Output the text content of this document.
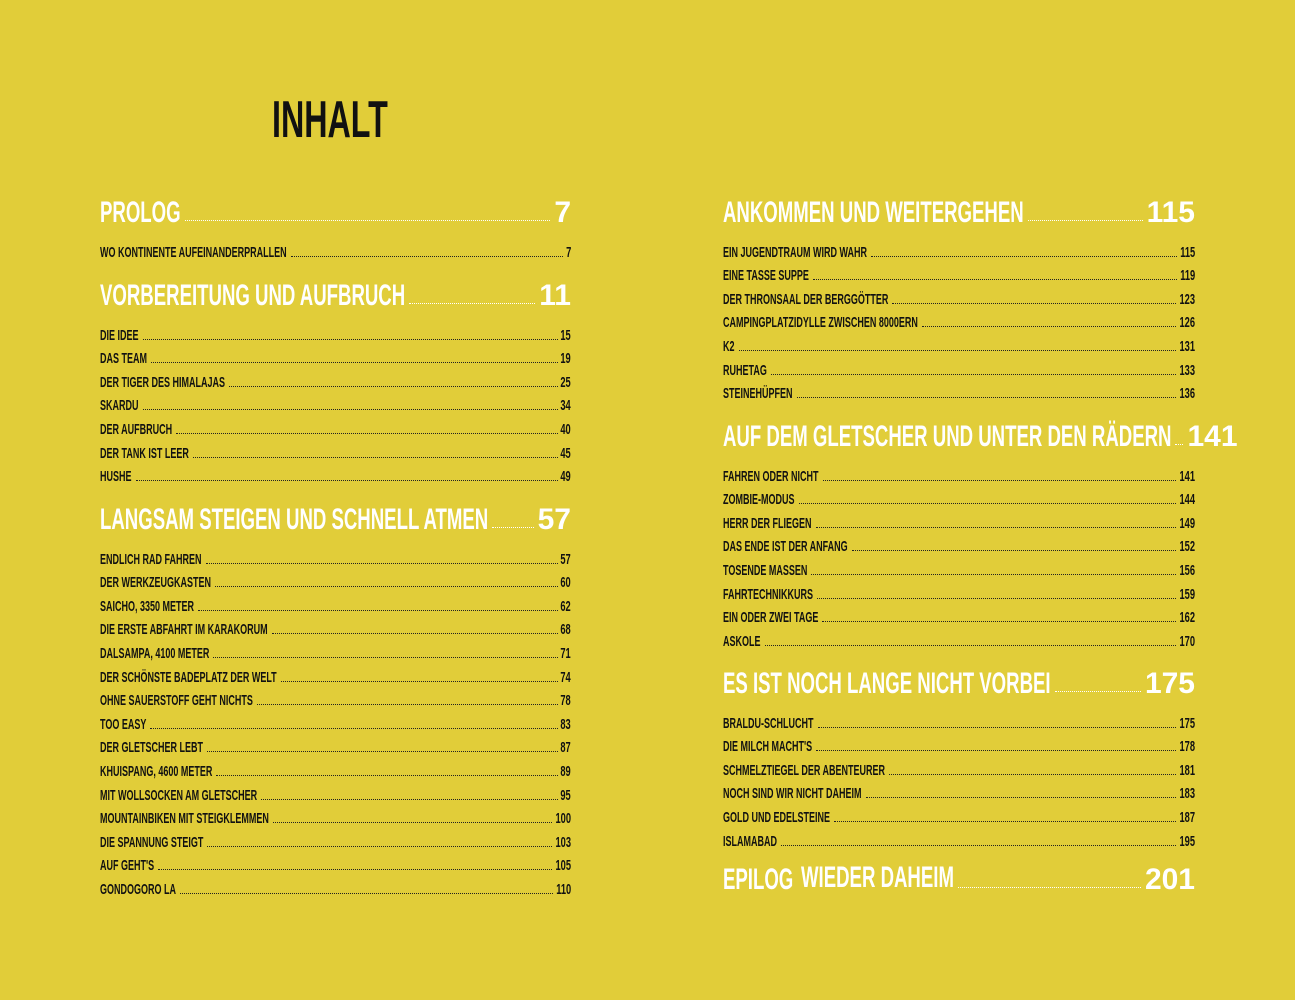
INHALT
PROLOG	7
WO KONTINENTE AUFEINANDERPRALLEN	7
VORBEREITUNG UND AUFBRUCH	11
DIE IDEE	15
DAS TEAM	19
DER TIGER DES HIMALAJAS	25
SKARDU	34
DER AUFBRUCH	40
DER TANK IST LEER	45
HUSHE	49
LANGSAM STEIGEN UND SCHNELL ATMEN 57
ENDLICH RAD FAHREN	57
DER WERKZEUGKASTEN	60
SAICHO, 3350 METER	62
DIE ERSTE ABFAHRT IM KARAKORUM	68
DALSAMPA, 4100 METER	71
DER SCHÖNSTE BADEPLATZ DER WELT	74
OHNE SAUERSTOFF GEHT NICHTS	78
TOO EASY	83
DER GLETSCHER LEBT	87
KHUISPANG, 4600 METER	89
MIT WOLLSOCKEN AM GLETSCHER	95
MOUNTAINBIKEN MIT STEIGKLEMMEN	100
DIE SPANNUNG STEIGT	103
AUF GEHT'S	105
GONDOGORO LA	110
ANKOMMEN UND WEITERGEHEN	115
EIN JUGENDTRAUM WIRD WAHR	115
EINE TASSE SUPPE	119
DER THRONSAAL DER BERGGÖTTER	123
CAMPINGPLATZIDYLLE ZWISCHEN 8000ERN	126
K2	131
RUHETAG	133
STEINEHÜPFEN	136
AUF DEM GLETSCHER UND UNTER DEN RÄDERN 141
FAHREN ODER NICHT	141
ZOMBIE-MODUS	144
HERR DER FLIEGEN	149
DAS ENDE IST DER ANFANG	152
TOSENDE MASSEN	156
FAHRTECHNIKKURS	159
EIN ODER ZWEI TAGE	162
ASKOLE	170
ES IST NOCH LANGE NICHT VORBEI	175
BRALDU-SCHLUCHT	175
DIE MILCH MACHT'S	178
SCHMELZTIEGEL DER ABENTEURER	181
NOCH SIND WIR NICHT DAHEIM	183
GOLD UND EDELSTEINE	187
ISLAMABAD	195
EPILOG WIEDER DAHEIM	201
